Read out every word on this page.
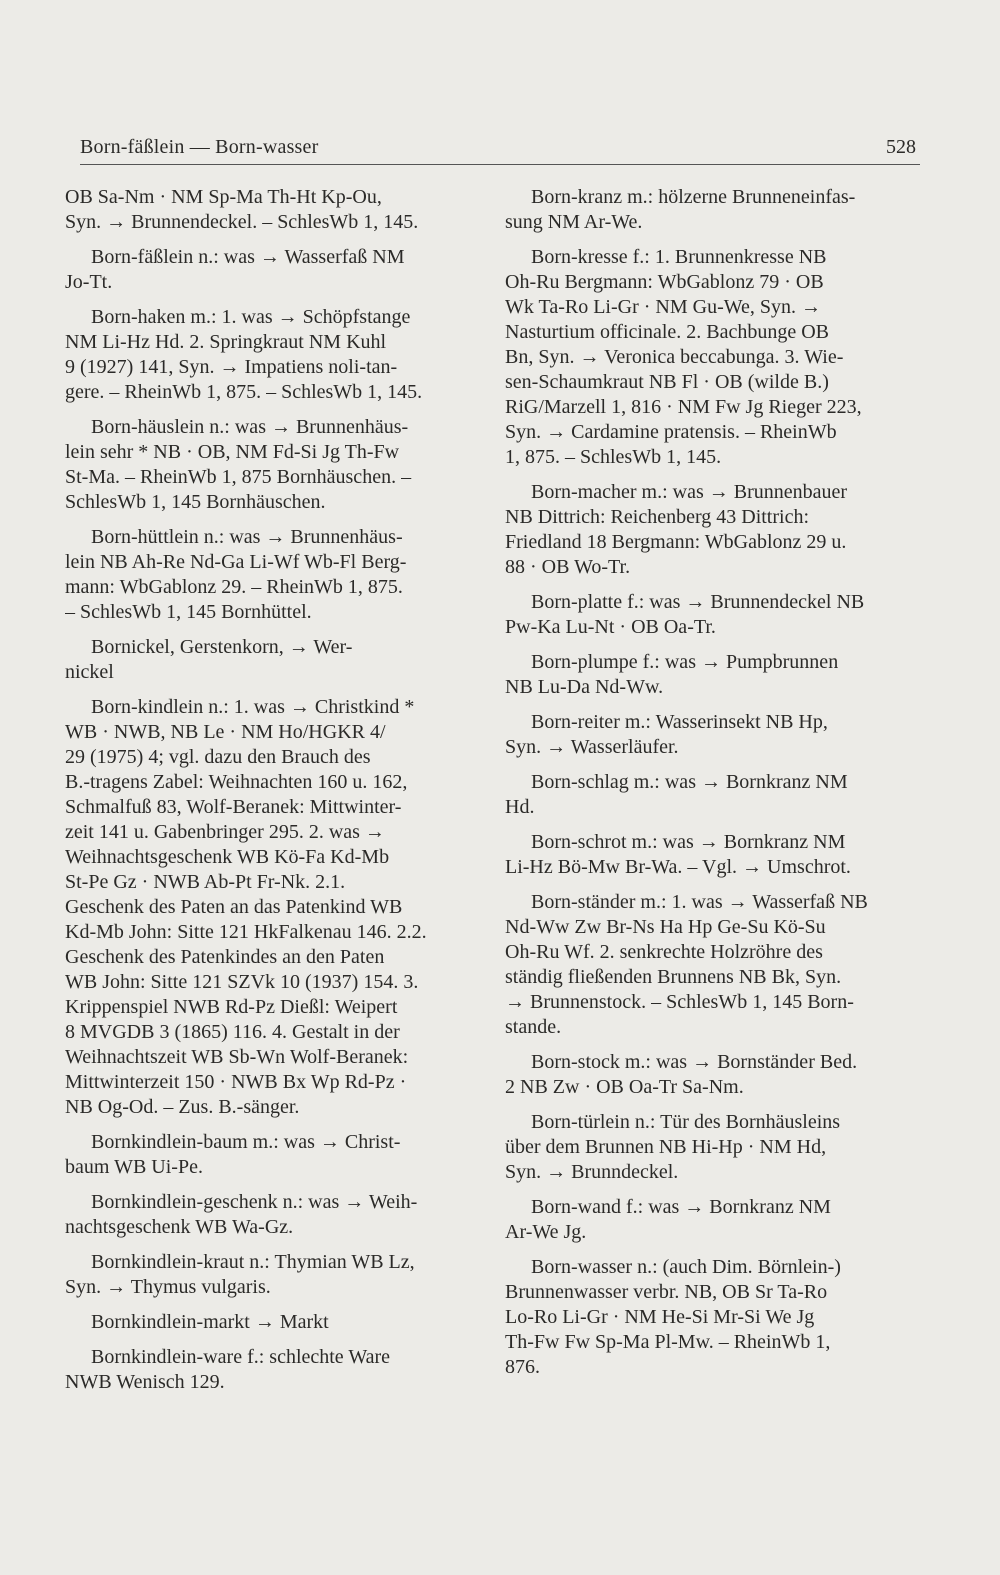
Born-fäßlein — Born-wasser	528
OB Sa-Nm · NM Sp-Ma Th-Ht Kp-Ou,
Syn. → Brunnendeckel. – SchlesWb 1, 145.
Born-fäßlein n.: was → Wasserfaß NM
Jo-Tt.
Born-haken m.: 1. was → Schöpfstange
NM Li-Hz Hd. 2. Springkraut NM Kuhl
9 (1927) 141, Syn. → Impatiens noli-tan-
gere. – RheinWb 1, 875. – SchlesWb 1, 145.
Born-häuslein n.: was → Brunnenhäus-
lein sehr * NB · OB, NM Fd-Si Jg Th-Fw
St-Ma. – RheinWb 1, 875 Bornhäuschen. –
SchlesWb 1, 145 Bornhäuschen.
Born-hüttlein n.: was → Brunnenhäus-
lein NB Ah-Re Nd-Ga Li-Wf Wb-Fl Berg-
mann: WbGablonz 29. – RheinWb 1, 875.
– SchlesWb 1, 145 Bornhüttel.
Bornickel, Gerstenkorn, → Wer-
nickel
Born-kindlein n.: 1. was → Christkind *
WB · NWB, NB Le · NM Ho/HGKR 4/
29 (1975) 4; vgl. dazu den Brauch des
B.-tragens Zabel: Weihnachten 160 u. 162,
Schmalfuß 83, Wolf-Beranek: Mittwinter-
zeit 141 u. Gabenbringer 295. 2. was →
Weihnachtsgeschenk WB Kö-Fa Kd-Mb
St-Pe Gz · NWB Ab-Pt Fr-Nk. 2.1.
Geschenk des Paten an das Patenkind WB
Kd-Mb John: Sitte 121 HkFalkenau 146. 2.2.
Geschenk des Patenkindes an den Paten
WB John: Sitte 121 SZVk 10 (1937) 154. 3.
Krippenspiel NWB Rd-Pz Dießl: Weipert
8 MVGDB 3 (1865) 116. 4. Gestalt in der
Weihnachtszeit WB Sb-Wn Wolf-Beranek:
Mittwinterzeit 150 · NWB Bx Wp Rd-Pz ·
NB Og-Od. – Zus. B.-sänger.
Bornkindlein-baum m.: was → Christ-
baum WB Ui-Pe.
Bornkindlein-geschenk n.: was → Weih-
nachtsgeschenk WB Wa-Gz.
Bornkindlein-kraut n.: Thymian WB Lz,
Syn. → Thymus vulgaris.
Bornkindlein-markt → Markt
Bornkindlein-ware f.: schlechte Ware
NWB Wenisch 129.
Born-kranz m.: hölzerne Brunneneinfas-
sung NM Ar-We.
Born-kresse f.: 1. Brunnenkresse NB
Oh-Ru Bergmann: WbGablonz 79 · OB
Wk Ta-Ro Li-Gr · NM Gu-We, Syn. →
Nasturtium officinale. 2. Bachbunge OB
Bn, Syn. → Veronica beccabunga. 3. Wie-
sen-Schaumkraut NB Fl · OB (wilde B.)
RiG/Marzell 1, 816 · NM Fw Jg Rieger 223,
Syn. → Cardamine pratensis. – RheinWb
1, 875. – SchlesWb 1, 145.
Born-macher m.: was → Brunnenbauer
NB Dittrich: Reichenberg 43 Dittrich:
Friedland 18 Bergmann: WbGablonz 29 u.
88 · OB Wo-Tr.
Born-platte f.: was → Brunnendeckel NB
Pw-Ka Lu-Nt · OB Oa-Tr.
Born-plumpe f.: was → Pumpbrunnen
NB Lu-Da Nd-Ww.
Born-reiter m.: Wasserinsekt NB Hp,
Syn. → Wasserläufer.
Born-schlag m.: was → Bornkranz NM
Hd.
Born-schrot m.: was → Bornkranz NM
Li-Hz Bö-Mw Br-Wa. – Vgl. → Umschrot.
Born-ständer m.: 1. was → Wasserfaß NB
Nd-Ww Zw Br-Ns Ha Hp Ge-Su Kö-Su
Oh-Ru Wf. 2. senkrechte Holzröhre des
ständig fließenden Brunnens NB Bk, Syn.
→ Brunnenstock. – SchlesWb 1, 145 Born-
stande.
Born-stock m.: was → Bornständer Bed.
2 NB Zw · OB Oa-Tr Sa-Nm.
Born-türlein n.: Tür des Bornhäusleins
über dem Brunnen NB Hi-Hp · NM Hd,
Syn. → Brunndeckel.
Born-wand f.: was → Bornkranz NM
Ar-We Jg.
Born-wasser n.: (auch Dim. Börnlein-)
Brunnenwasser verbr. NB, OB Sr Ta-Ro
Lo-Ro Li-Gr · NM He-Si Mr-Si We Jg
Th-Fw Fw Sp-Ma Pl-Mw. – RheinWb 1,
876.
